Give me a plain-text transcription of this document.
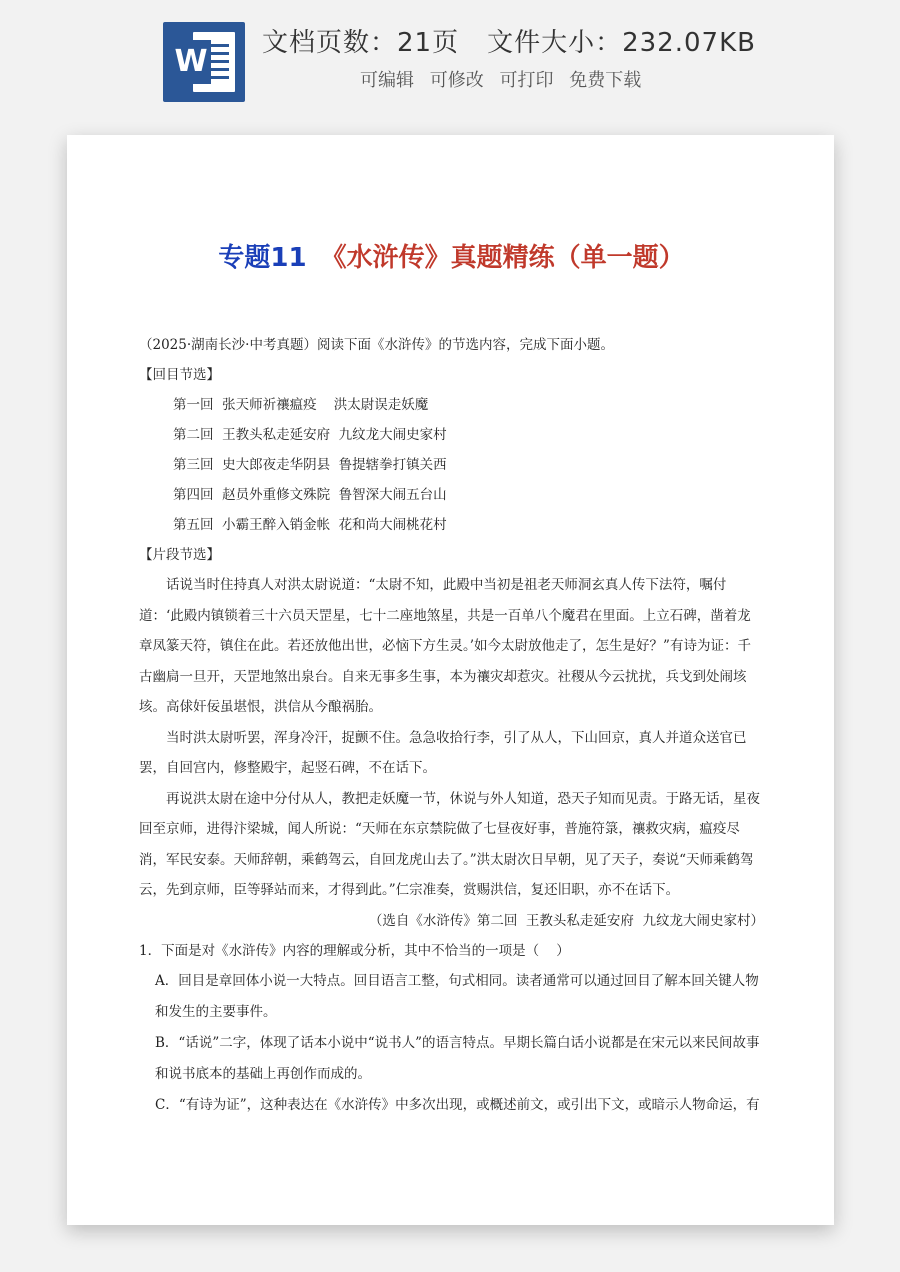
W
文档页数：21页 文件大小：232.07KB
可编辑 可修改 可打印 免费下载
专题11 《水浒传》真题精练（单一题）
（2025·湖南长沙·中考真题）阅读下面《水浒传》的节选内容，完成下面小题。
【回目节选】
第一回  张天师祈禳瘟疫    洪太尉误走妖魔
第二回  王教头私走延安府  九纹龙大闹史家村
第三回  史大郎夜走华阴县  鲁提辖拳打镇关西
第四回  赵员外重修文殊院  鲁智深大闹五台山
第五回  小霸王醉入销金帐  花和尚大闹桃花村
【片段节选】
话说当时住持真人对洪太尉说道：“太尉不知，此殿中当初是祖老天师洞玄真人传下法符，嘱付道：‘此殿内镇锁着三十六员天罡星，七十二座地煞星，共是一百单八个魔君在里面。上立石碑，凿着龙章凤篆天符，镇住在此。若还放他出世，必恼下方生灵。’如今太尉放他走了，怎生是好？”有诗为证：千古幽扃一旦开，天罡地煞出泉台。自来无事多生事，本为禳灾却惹灾。社稷从今云扰扰，兵戈到处闹垓垓。高俅奸佞虽堪恨，洪信从今酿祸胎。
当时洪太尉听罢，浑身冷汗，捉颤不住。急急收拾行李，引了从人，下山回京，真人并道众送官已罢，自回宫内，修整殿宇，起竖石碑，不在话下。
再说洪太尉在途中分付从人，教把走妖魔一节，休说与外人知道，恐天子知而见责。于路无话，星夜回至京师，进得汴梁城，闻人所说：“天师在东京禁院做了七昼夜好事，普施符箓，禳救灾病，瘟疫尽消，军民安泰。天师辞朝，乘鹤驾云，自回龙虎山去了。”洪太尉次日早朝，见了天子，奏说“天师乘鹤驾云，先到京师，臣等驿站而来，才得到此。”仁宗准奏，赏赐洪信，复还旧职，亦不在话下。
（选自《水浒传》第二回  王教头私走延安府  九纹龙大闹史家村）
1．下面是对《水浒传》内容的理解或分析，其中不恰当的一项是（    ）
A．回目是章回体小说一大特点。回目语言工整，句式相同。读者通常可以通过回目了解本回关键人物和发生的主要事件。
B．“话说”二字，体现了话本小说中“说书人”的语言特点。早期长篇白话小说都是在宋元以来民间故事和说书底本的基础上再创作而成的。
C．“有诗为证”，这种表达在《水浒传》中多次出现，或概述前文，或引出下文，或暗示人物命运，有
